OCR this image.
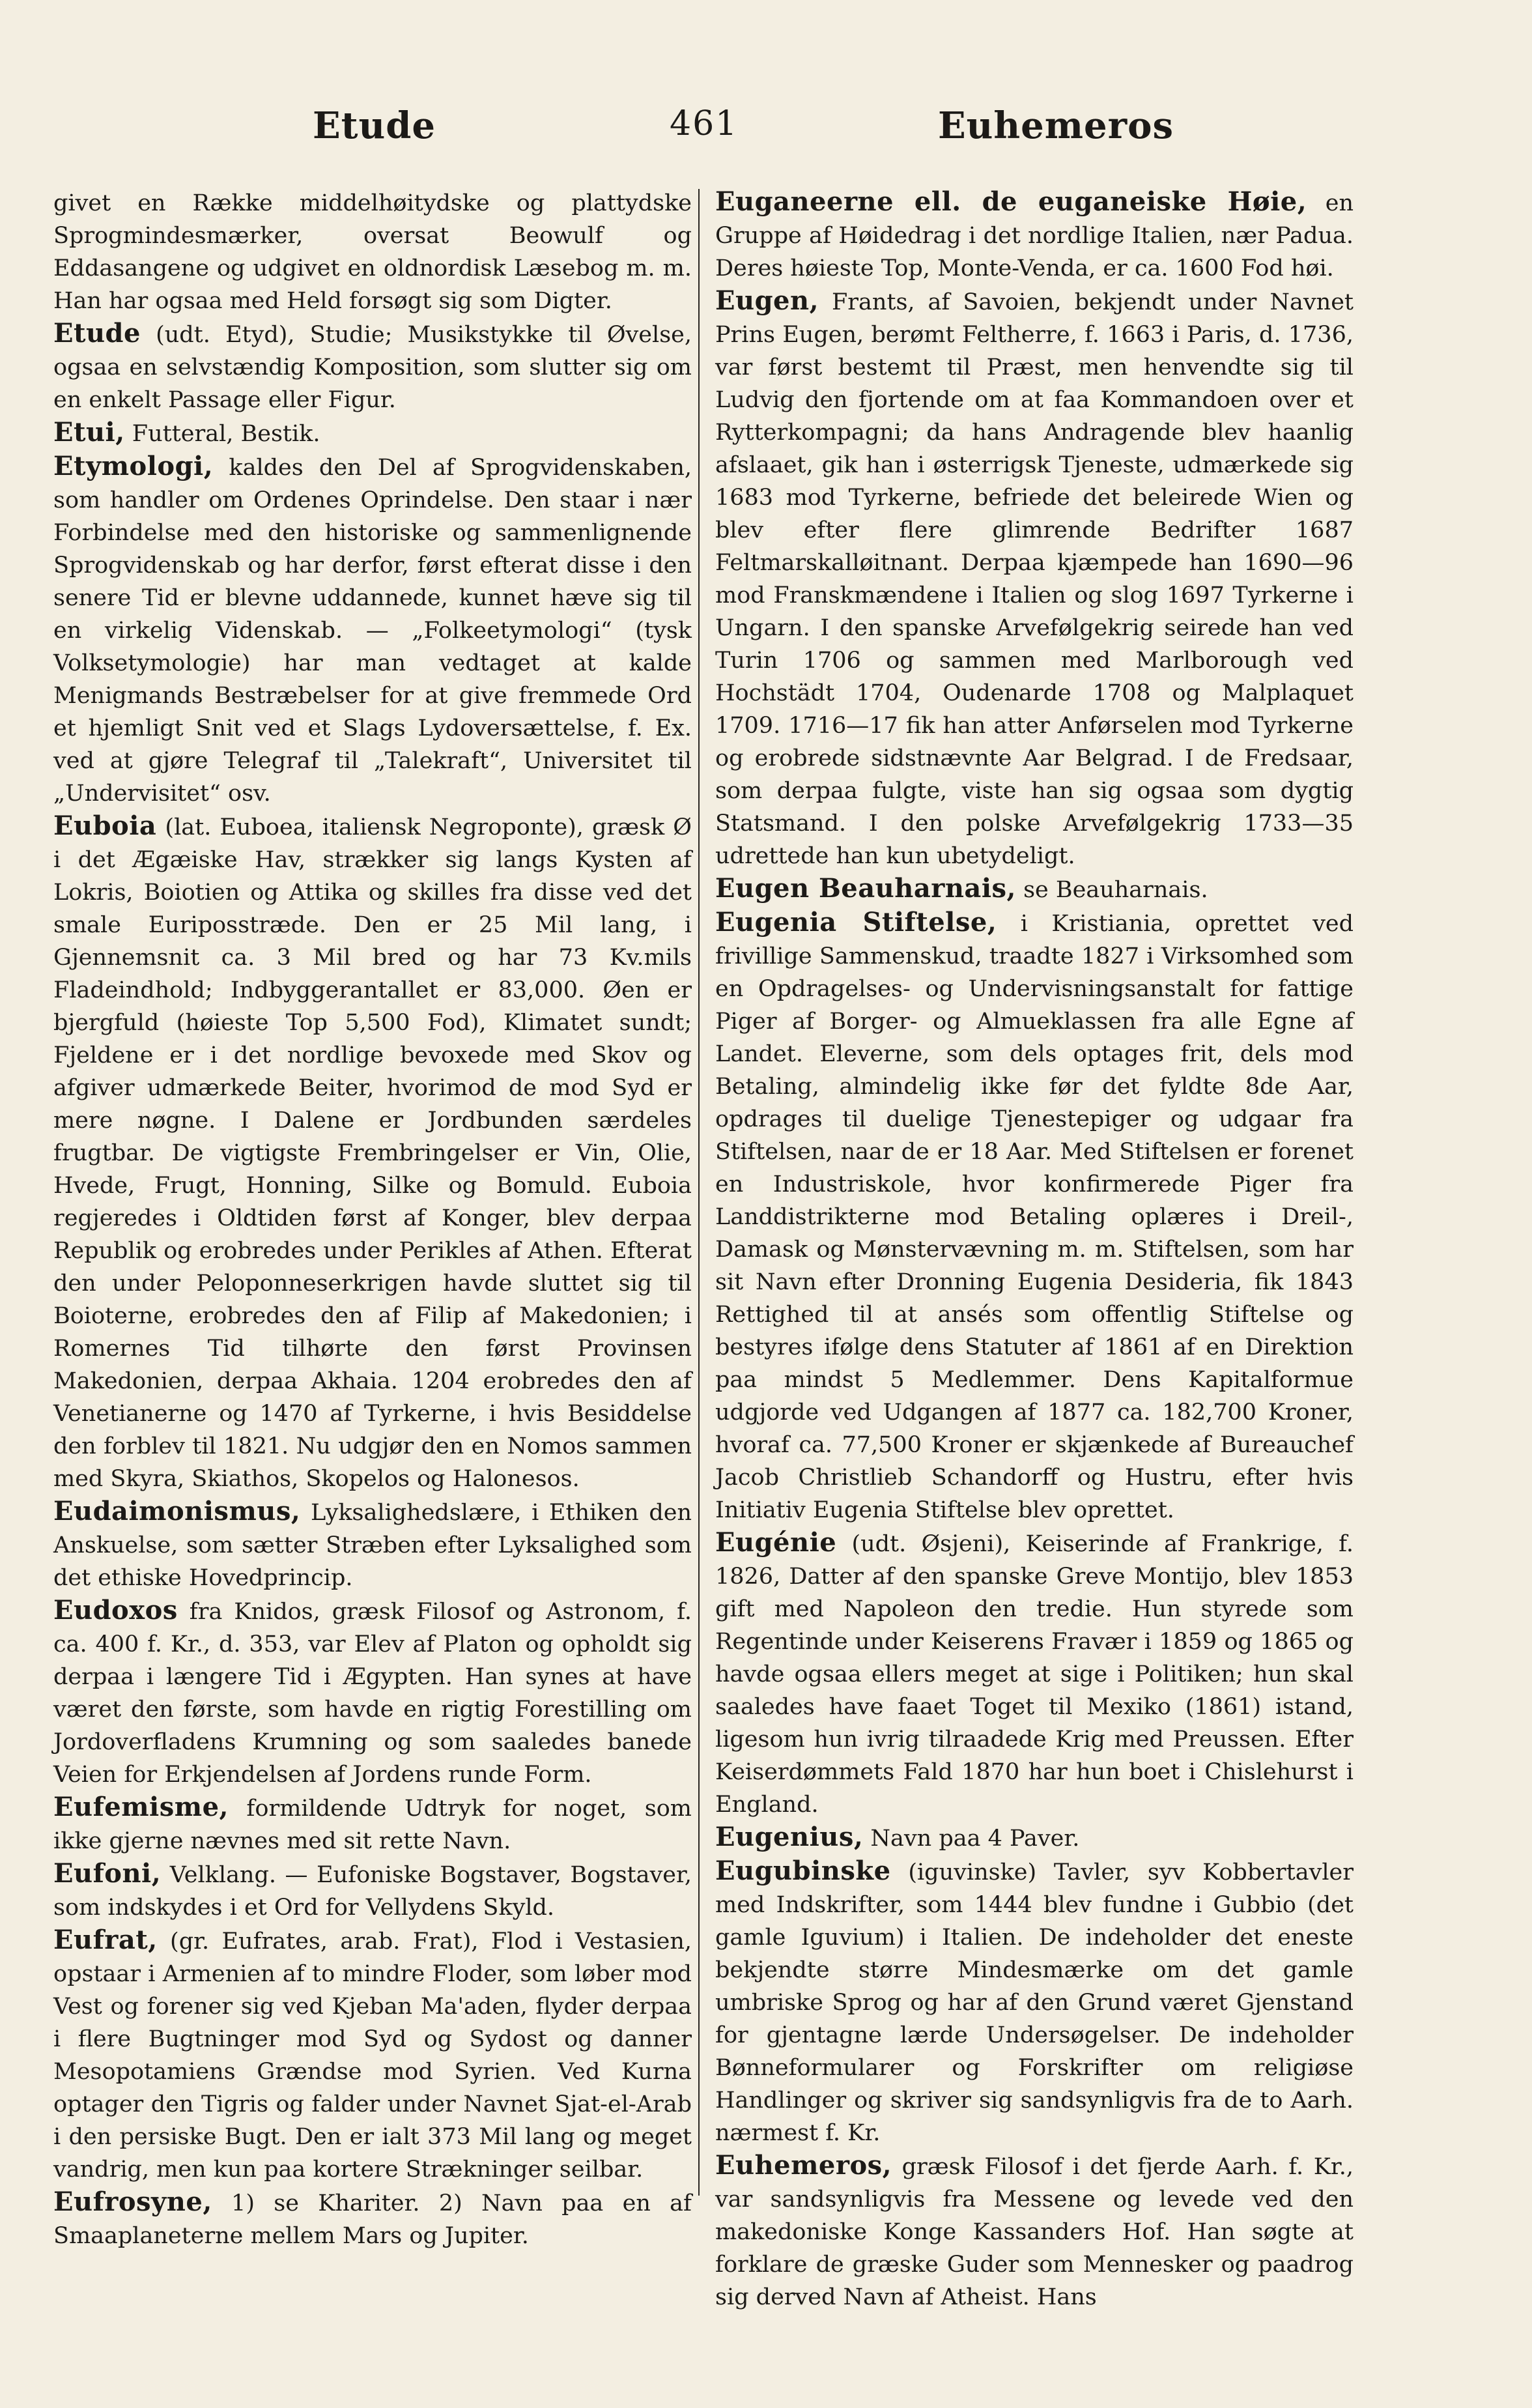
Etude	461	Euhemeros

givet en Række middelhøitydske og plattydske Sprogmindesmærker, oversat Beowulf og Eddasangene og udgivet en oldnordisk Læsebog m. m. Han har ogsaa med Held forsøgt sig som Digter.

Etude (udt. Etyd), Studie; Musikstykke til Øvelse, ogsaa en selvstændig Komposition, som slutter sig om en enkelt Passage eller Figur.

Etui, Futteral, Bestik.

Etymologi, kaldes den Del af Sprogvidenskaben, som handler om Ordenes Oprindelse. Den staar i nær Forbindelse med den historiske og sammenlignende Sprogvidenskab og har derfor, først efterat disse i den senere Tid er blevne uddannede, kunnet hæve sig til en virkelig Videnskab. — „Folkeetymologi“ (tysk Volksetymologie) har man vedtaget at kalde Menigmands Bestræbelser for at give fremmede Ord et hjemligt Snit ved et Slags Lydoversættelse, f. Ex. ved at gjøre Telegraf til „Talekraft“, Universitet til „Undervisitet“ osv.

Euboia (lat. Euboea, italiensk Negroponte), græsk Ø i det Ægæiske Hav, strækker sig langs Kysten af Lokris, Boiotien og Attika og skilles fra disse ved det smale Euriposstræde. Den er 25 Mil lang, i Gjennemsnit ca. 3 Mil bred og har 73 Kv.mils Fladeindhold; Indbyggerantallet er 83,000. Øen er bjergfuld (høieste Top 5,500 Fod), Klimatet sundt; Fjeldene er i det nordlige bevoxede med Skov og afgiver udmærkede Beiter, hvorimod de mod Syd er mere nøgne. I Dalene er Jordbunden særdeles frugtbar. De vigtigste Frembringelser er Vin, Olie, Hvede, Frugt, Honning, Silke og Bomuld. Euboia regjeredes i Oldtiden først af Konger, blev derpaa Republik og erobredes under Perikles af Athen. Efterat den under Peloponneserkrigen havde sluttet sig til Boioterne, erobredes den af Filip af Makedonien; i Romernes Tid tilhørte den først Provinsen Makedonien, derpaa Akhaia. 1204 erobredes den af Venetianerne og 1470 af Tyrkerne, i hvis Besiddelse den forblev til 1821. Nu udgjør den en Nomos sammen med Skyra, Skiathos, Skopelos og Halonesos.

Eudaimonismus, Lyksalighedslære, i Ethiken den Anskuelse, som sætter Stræben efter Lyksalighed som det ethiske Hovedprincip.

Eudoxos fra Knidos, græsk Filosof og Astronom, f. ca. 400 f. Kr., d. 353, var Elev af Platon og opholdt sig derpaa i længere Tid i Ægypten. Han synes at have været den første, som havde en rigtig Forestilling om Jordoverfladens Krumning og som saaledes banede Veien for Erkjendelsen af Jordens runde Form.

Eufemisme, formildende Udtryk for noget, som ikke gjerne nævnes med sit rette Navn.

Eufoni, Velklang. — Eufoniske Bogstaver, Bogstaver, som indskydes i et Ord for Vellydens Skyld.

Eufrat, (gr. Eufrates, arab. Frat), Flod i Vestasien, opstaar i Armenien af to mindre Floder, som løber mod Vest og forener sig ved Kjeban Ma'aden, flyder derpaa i flere Bugtninger mod Syd og Sydost og danner Mesopotamiens Grændse mod Syrien. Ved Kurna optager den Tigris og falder under Navnet Sjat-el-Arab i den persiske Bugt. Den er ialt 373 Mil lang og meget vandrig, men kun paa kortere Strækninger seilbar.

Eufrosyne, 1) se Khariter. 2) Navn paa en af Smaaplaneterne mellem Mars og Jupiter.

Euganeerne ell. de euganeiske Høie, en Gruppe af Høidedrag i det nordlige Italien, nær Padua. Deres høieste Top, Monte-Venda, er ca. 1600 Fod høi.

Eugen, Frants, af Savoien, bekjendt under Navnet Prins Eugen, berømt Feltherre, f. 1663 i Paris, d. 1736, var først bestemt til Præst, men henvendte sig til Ludvig den fjortende om at faa Kommandoen over et Rytterkompagni; da hans Andragende blev haanlig afslaaet, gik han i østerrigsk Tjeneste, udmærkede sig 1683 mod Tyrkerne, befriede det beleirede Wien og blev efter flere glimrende Bedrifter 1687 Feltmarskalløitnant. Derpaa kjæmpede han 1690—96 mod Franskmændene i Italien og slog 1697 Tyrkerne i Ungarn. I den spanske Arvefølgekrig seirede han ved Turin 1706 og sammen med Marlborough ved Hochstädt 1704, Oudenarde 1708 og Malplaquet 1709. 1716—17 fik han atter Anførselen mod Tyrkerne og erobrede sidstnævnte Aar Belgrad. I de Fredsaar, som derpaa fulgte, viste han sig ogsaa som dygtig Statsmand. I den polske Arvefølgekrig 1733—35 udrettede han kun ubetydeligt.

Eugen Beauharnais, se Beauharnais.

Eugenia Stiftelse, i Kristiania, oprettet ved frivillige Sammenskud, traadte 1827 i Virksomhed som en Opdragelses- og Undervisningsanstalt for fattige Piger af Borger- og Almueklassen fra alle Egne af Landet. Eleverne, som dels optages frit, dels mod Betaling, almindelig ikke før det fyldte 8de Aar, opdrages til duelige Tjenestepiger og udgaar fra Stiftelsen, naar de er 18 Aar. Med Stiftelsen er forenet en Industriskole, hvor konfirmerede Piger fra Landdistrikterne mod Betaling oplæres i Dreil-, Damask og Mønstervævning m. m. Stiftelsen, som har sit Navn efter Dronning Eugenia Desideria, fik 1843 Rettighed til at ansés som offentlig Stiftelse og bestyres ifølge dens Statuter af 1861 af en Direktion paa mindst 5 Medlemmer. Dens Kapitalformue udgjorde ved Udgangen af 1877 ca. 182,700 Kroner, hvoraf ca. 77,500 Kroner er skjænkede af Bureauchef Jacob Christlieb Schandorff og Hustru, efter hvis Initiativ Eugenia Stiftelse blev oprettet.

Eugénie (udt. Øsjeni), Keiserinde af Frankrige, f. 1826, Datter af den spanske Greve Montijo, blev 1853 gift med Napoleon den tredie. Hun styrede som Regentinde under Keiserens Fravær i 1859 og 1865 og havde ogsaa ellers meget at sige i Politiken; hun skal saaledes have faaet Toget til Mexiko (1861) istand, ligesom hun ivrig tilraadede Krig med Preussen. Efter Keiserdømmets Fald 1870 har hun boet i Chislehurst i England.

Eugenius, Navn paa 4 Paver.

Eugubinske (iguvinske) Tavler, syv Kobbertavler med Indskrifter, som 1444 blev fundne i Gubbio (det gamle Iguvium) i Italien. De indeholder det eneste bekjendte større Mindesmærke om det gamle umbriske Sprog og har af den Grund været Gjenstand for gjentagne lærde Undersøgelser. De indeholder Bønneformularer og Forskrifter om religiøse Handlinger og skriver sig sandsynligvis fra de to Aarh. nærmest f. Kr.

Euhemeros, græsk Filosof i det fjerde Aarh. f. Kr., var sandsynligvis fra Messene og levede ved den makedoniske Konge Kassanders Hof. Han søgte at forklare de græske Guder som Mennesker og paadrog sig derved Navn af Atheist. Hans
